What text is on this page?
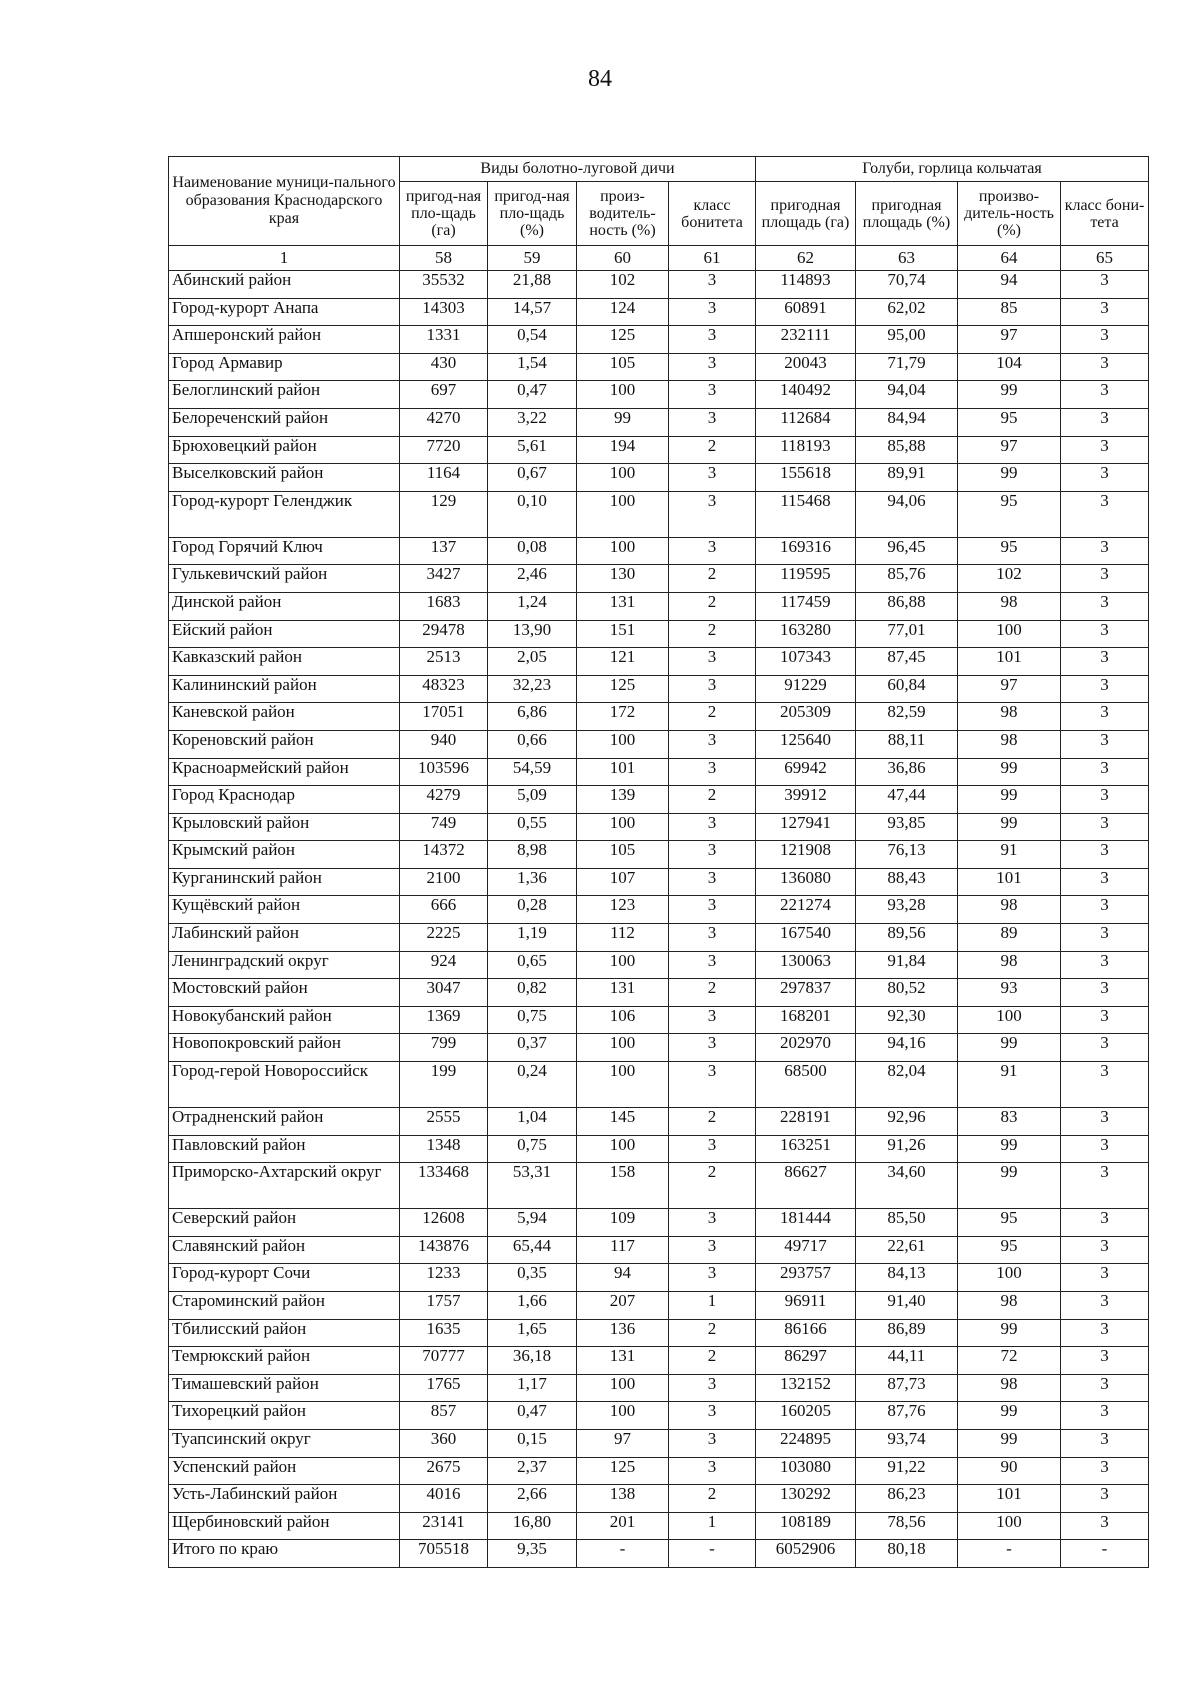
84
Наименование муници-пального образования Краснодарского края	Виды болотно-луговой дичи				Голуби, горлица кольчатая			
	пригод-ная пло-щадь (га)	пригод-ная пло-щадь (%)	произ-водитель-ность (%)	класс бонитета	пригодная площадь (га)	пригодная площадь (%)	произво-дитель-ность (%)	класс бони-тета
1	58	59	60	61	62	63	64	65
Абинский район	35532	21,88	102	3	114893	70,74	94	3
Город-курорт Анапа	14303	14,57	124	3	60891	62,02	85	3
Апшеронский район	1331	0,54	125	3	232111	95,00	97	3
Город Армавир	430	1,54	105	3	20043	71,79	104	3
Белоглинский район	697	0,47	100	3	140492	94,04	99	3
Белореченский район	4270	3,22	99	3	112684	84,94	95	3
Брюховецкий район	7720	5,61	194	2	118193	85,88	97	3
Выселковский район	1164	0,67	100	3	155618	89,91	99	3
Город-курорт Геленджик	129	0,10	100	3	115468	94,06	95	3
Город Горячий Ключ	137	0,08	100	3	169316	96,45	95	3
Гулькевичский район	3427	2,46	130	2	119595	85,76	102	3
Динской район	1683	1,24	131	2	117459	86,88	98	3
Ейский район	29478	13,90	151	2	163280	77,01	100	3
Кавказский район	2513	2,05	121	3	107343	87,45	101	3
Калининский район	48323	32,23	125	3	91229	60,84	97	3
Каневской район	17051	6,86	172	2	205309	82,59	98	3
Кореновский район	940	0,66	100	3	125640	88,11	98	3
Красноармейский район	103596	54,59	101	3	69942	36,86	99	3
Город Краснодар	4279	5,09	139	2	39912	47,44	99	3
Крыловский район	749	0,55	100	3	127941	93,85	99	3
Крымский район	14372	8,98	105	3	121908	76,13	91	3
Курганинский район	2100	1,36	107	3	136080	88,43	101	3
Кущёвский район	666	0,28	123	3	221274	93,28	98	3
Лабинский район	2225	1,19	112	3	167540	89,56	89	3
Ленинградский округ	924	0,65	100	3	130063	91,84	98	3
Мостовский район	3047	0,82	131	2	297837	80,52	93	3
Новокубанский район	1369	0,75	106	3	168201	92,30	100	3
Новопокровский район	799	0,37	100	3	202970	94,16	99	3
Город-герой Новороссийск	199	0,24	100	3	68500	82,04	91	3
Отрадненский район	2555	1,04	145	2	228191	92,96	83	3
Павловский район	1348	0,75	100	3	163251	91,26	99	3
Приморско-Ахтарский округ	133468	53,31	158	2	86627	34,60	99	3
Северский район	12608	5,94	109	3	181444	85,50	95	3
Славянский район	143876	65,44	117	3	49717	22,61	95	3
Город-курорт Сочи	1233	0,35	94	3	293757	84,13	100	3
Староминский район	1757	1,66	207	1	96911	91,40	98	3
Тбилисский район	1635	1,65	136	2	86166	86,89	99	3
Темрюкский район	70777	36,18	131	2	86297	44,11	72	3
Тимашевский район	1765	1,17	100	3	132152	87,73	98	3
Тихорецкий район	857	0,47	100	3	160205	87,76	99	3
Туапсинский округ	360	0,15	97	3	224895	93,74	99	3
Успенский район	2675	2,37	125	3	103080	91,22	90	3
Усть-Лабинский район	4016	2,66	138	2	130292	86,23	101	3
Щербиновский район	23141	16,80	201	1	108189	78,56	100	3
Итого по краю	705518	9,35	-	-	6052906	80,18	-	-
